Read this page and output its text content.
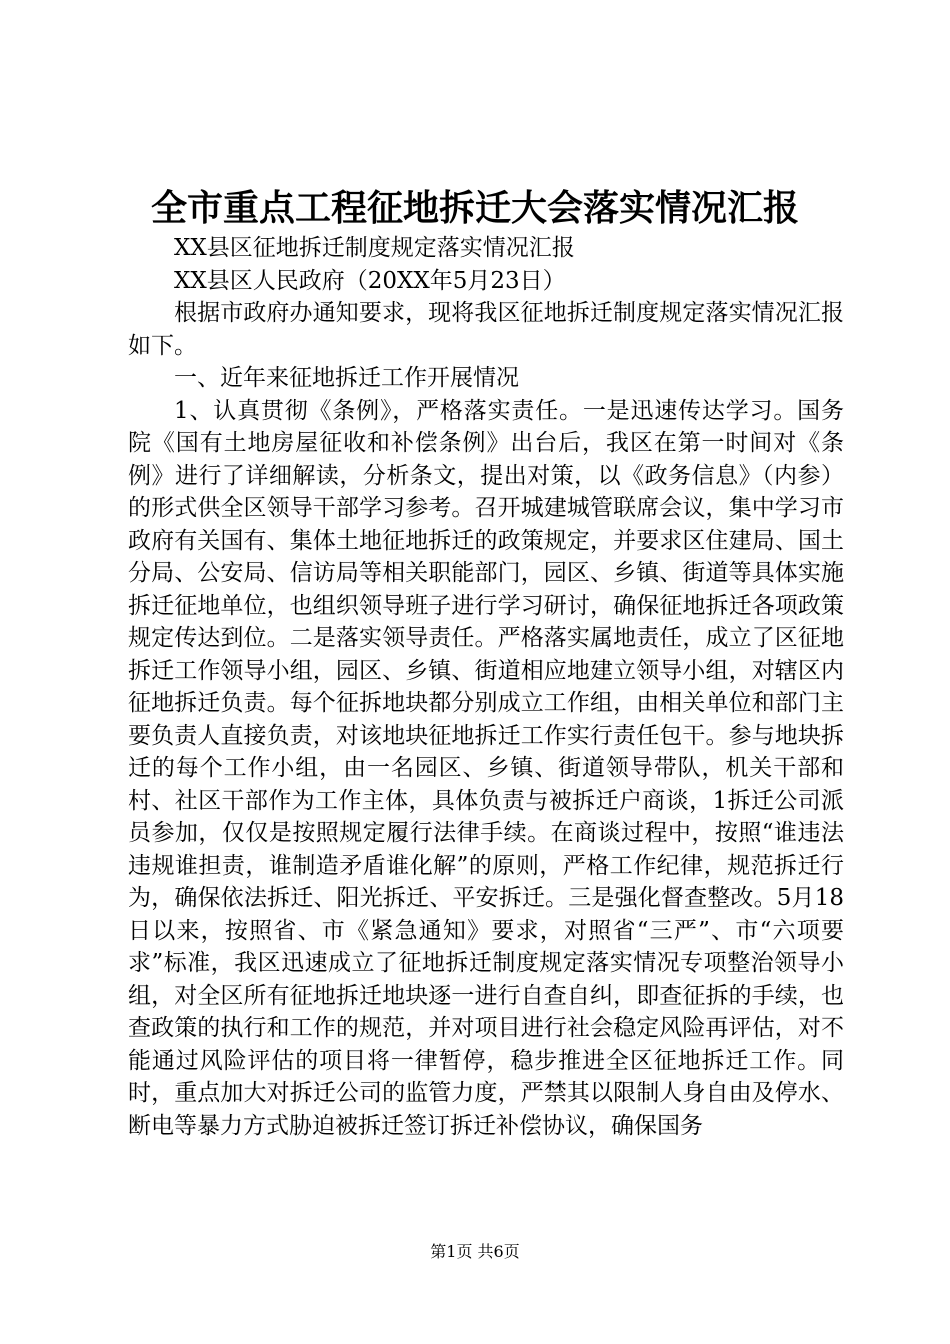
全市重点工程征地拆迁大会落实情况汇报

XX县区征地拆迁制度规定落实情况汇报

XX县区人民政府（20XX年5月23日）

根据市政府办通知要求，现将我区征地拆迁制度规定落实情况汇报如下。

一、近年来征地拆迁工作开展情况

1、认真贯彻《条例》，严格落实责任。一是迅速传达学习。国务院《国有土地房屋征收和补偿条例》出台后，我区在第一时间对《条例》进行了详细解读，分析条文，提出对策，以《政务信息》（内参）的形式供全区领导干部学习参考。召开城建城管联席会议，集中学习市政府有关国有、集体土地征地拆迁的政策规定，并要求区住建局、国土分局、公安局、信访局等相关职能部门，园区、乡镇、街道等具体实施拆迁征地单位，也组织领导班子进行学习研讨，确保征地拆迁各项政策规定传达到位。二是落实领导责任。严格落实属地责任，成立了区征地拆迁工作领导小组，园区、乡镇、街道相应地建立领导小组，对辖区内征地拆迁负责。每个征拆地块都分别成立工作组，由相关单位和部门主要负责人直接负责，对该地块征地拆迁工作实行责任包干。参与地块拆迁的每个工作小组，由一名园区、乡镇、街道领导带队，机关干部和村、社区干部作为工作主体，具体负责与被拆迁户商谈，1拆迁公司派员参加，仅仅是按照规定履行法律手续。在商谈过程中，按照“谁违法违规谁担责，谁制造矛盾谁化解”的原则，严格工作纪律，规范拆迁行为，确保依法拆迁、阳光拆迁、平安拆迁。三是强化督查整改。5月18日以来，按照省、市《紧急通知》要求，对照省“三严”、市“六项要求”标准，我区迅速成立了征地拆迁制度规定落实情况专项整治领导小组，对全区所有征地拆迁地块逐一进行自查自纠，即查征拆的手续，也查政策的执行和工作的规范，并对项目进行社会稳定风险再评估，对不能通过风险评估的项目将一律暂停，稳步推进全区征地拆迁工作。同时，重点加大对拆迁公司的监管力度，严禁其以限制人身自由及停水、断电等暴力方式胁迫被拆迁签订拆迁补偿协议，确保国务

第1页 共6页
